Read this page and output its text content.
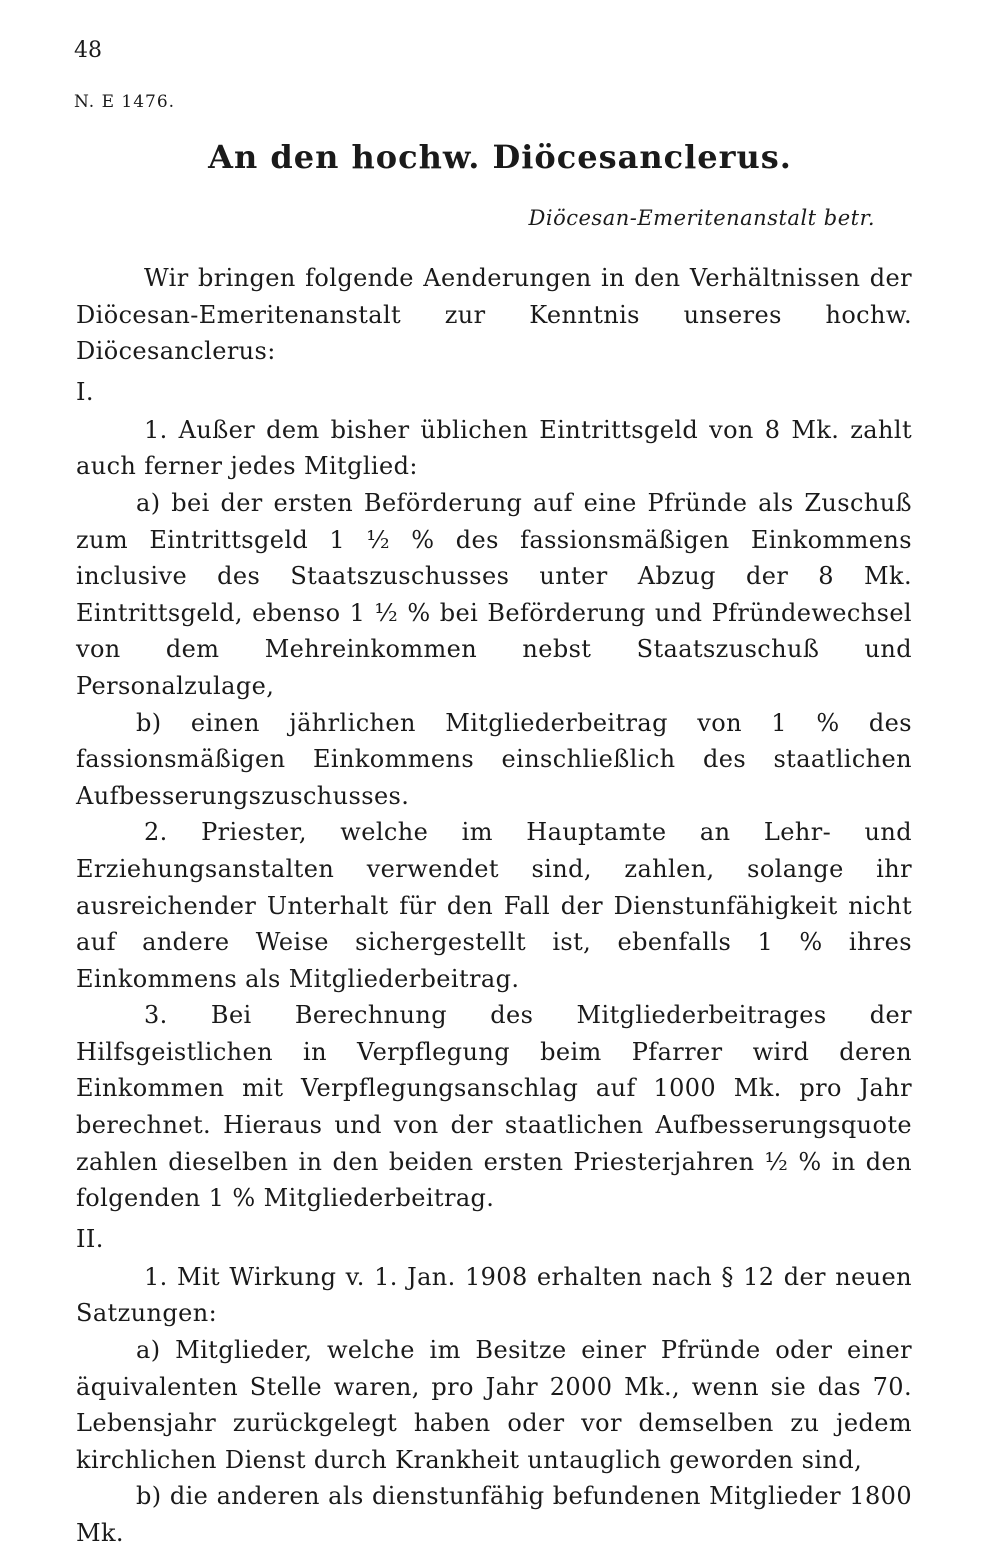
48
N. E 1476.
An den hochw. Diöcesanclerus.
Diöcesan-Emeritenanstalt betr.

Wir bringen folgende Aenderungen in den Verhältnissen der Diöcesan-Emeritenanstalt zur Kenntnis unseres hochw. Diöcesanclerus:

I.

1. Außer dem bisher üblichen Eintrittsgeld von 8 Mk. zahlt auch ferner jedes Mitglied:

a) bei der ersten Beförderung auf eine Pfründe als Zuschuß zum Eintrittsgeld 1 ½ % des fassionsmäßigen Einkommens inclusive des Staatszuschusses unter Abzug der 8 Mk. Eintrittsgeld, ebenso 1 ½ % bei Beförderung und Pfründewechsel von dem Mehreinkommen nebst Staatszuschuß und Personalzulage,

b) einen jährlichen Mitgliederbeitrag von 1 % des fassionsmäßigen Einkommens einschließlich des staatlichen Aufbesserungszuschusses.

2. Priester, welche im Hauptamte an Lehr- und Erziehungsanstalten verwendet sind, zahlen, solange ihr ausreichender Unterhalt für den Fall der Dienstunfähigkeit nicht auf andere Weise sichergestellt ist, ebenfalls 1 % ihres Einkommens als Mitgliederbeitrag.

3. Bei Berechnung des Mitgliederbeitrages der Hilfsgeistlichen in Verpflegung beim Pfarrer wird deren Einkommen mit Verpflegungsanschlag auf 1000 Mk. pro Jahr berechnet. Hieraus und von der staatlichen Aufbesserungsquote zahlen dieselben in den beiden ersten Priesterjahren ½ % in den folgenden 1 % Mitgliederbeitrag.

II.

1. Mit Wirkung v. 1. Jan. 1908 erhalten nach § 12 der neuen Satzungen:

a) Mitglieder, welche im Besitze einer Pfründe oder einer äquivalenten Stelle waren, pro Jahr 2000 Mk., wenn sie das 70. Lebensjahr zurückgelegt haben oder vor demselben zu jedem kirchlichen Dienst durch Krankheit untauglich geworden sind,

b) die anderen als dienstunfähig befundenen Mitglieder 1800 Mk.
